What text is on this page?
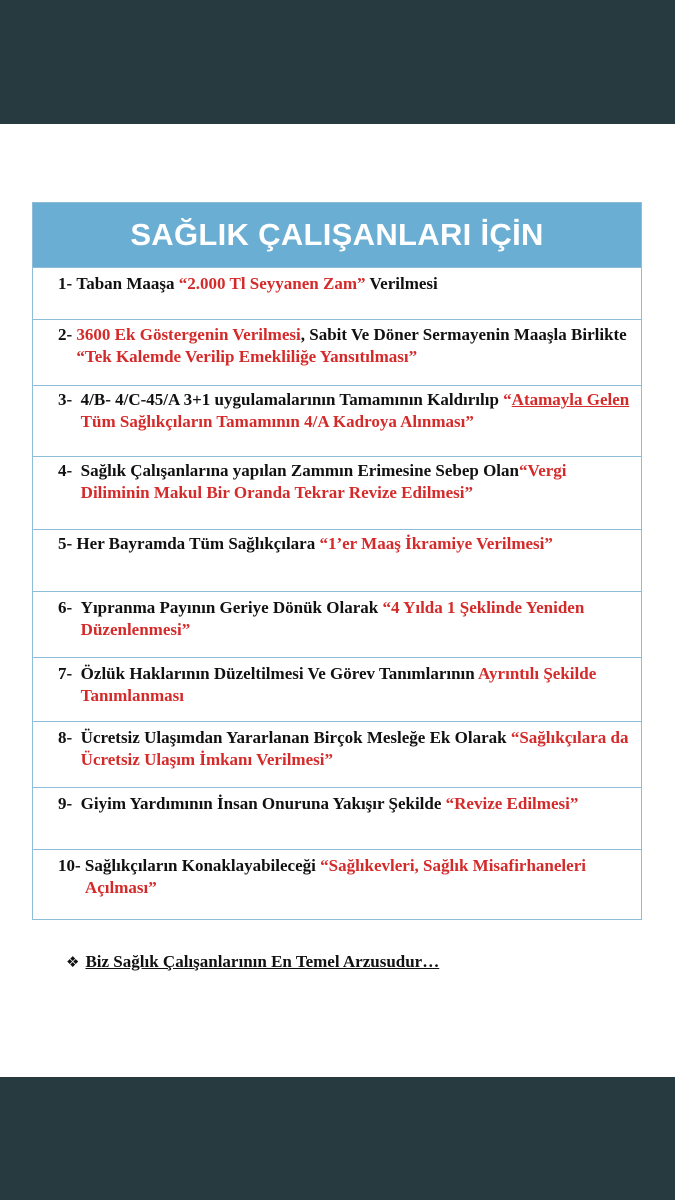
SAĞLIK ÇALIŞANLARI İÇİN
1- Taban Maaşa “2.000 Tl Seyyanen Zam” Verilmesi
2- 3600 Ek Göstergenin Verilmesi, Sabit Ve Döner Sermayenin Maaşla Birlikte “Tek Kalemde Verilip Emekliliğe Yansıtılması”
3- 4/B- 4/C-45/A 3+1 uygulamalarının Tamamının Kaldırılıp “Atamayla Gelen Tüm Sağlıkçıların Tamamının 4/A Kadroya Alınması”
4- Sağlık Çalışanlarına yapılan Zammın Erimesine Sebep Olan“Vergi Diliminin Makul Bir Oranda Tekrar Revize Edilmesi”
5- Her Bayramda Tüm Sağlıkçılara “1’er Maaş İkramiye Verilmesi”
6- Yıpranma Payının Geriye Dönük Olarak “4 Yılda 1 Şeklinde Yeniden Düzenlenmesi”
7- Özlük Haklarının Düzeltilmesi Ve Görev Tanımlarının Ayrıntılı Şekilde Tanımlanması
8- Ücretsiz Ulaşımdan Yararlanan Birçok Mesleğe Ek Olarak “Sağlıkçılara da Ücretsiz Ulaşım İmkanı Verilmesi”
9- Giyim Yardımının İnsan Onuruna Yakışır Şekilde “Revize Edilmesi”
10- Sağlıkçıların Konaklayabileceği “Sağlıkevleri, Sağlık Misafirhaneleri Açılması”
❖ Biz Sağlık Çalışanlarının En Temel Arzusudur…
